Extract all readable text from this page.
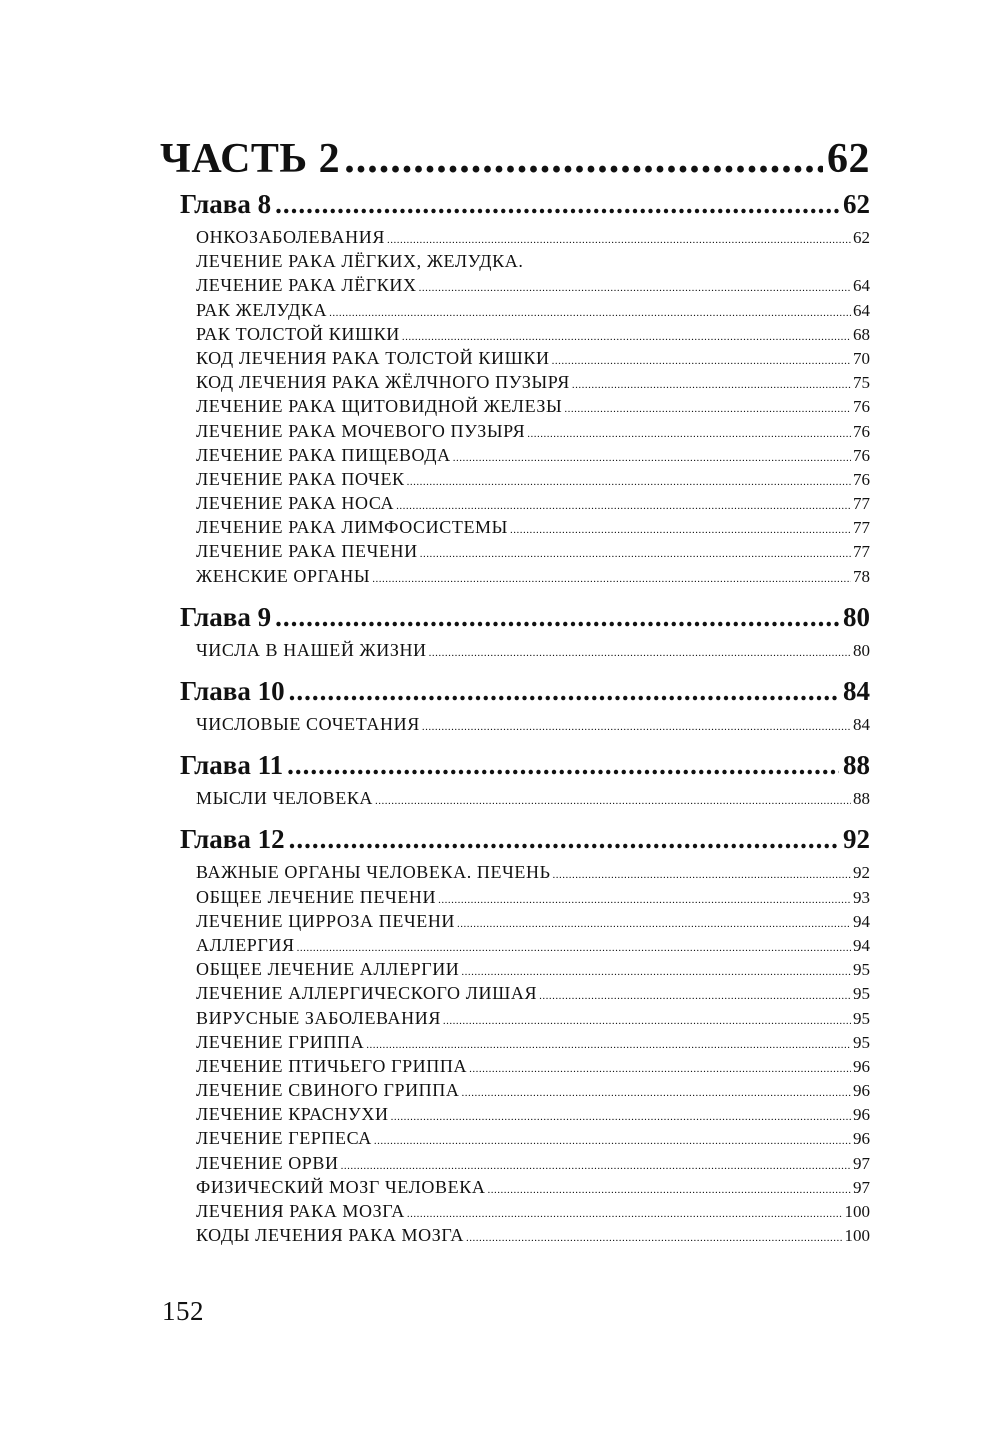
ЧАСТЬ 2 .....	62
Глава 8 .....	62
ОНКОЗАБОЛЕВАНИЯ .....	62
ЛЕЧЕНИЕ РАКА ЛЁГКИХ, ЖЕЛУДКА.
ЛЕЧЕНИЕ РАКА ЛЁГКИХ .....	64
РАК ЖЕЛУДКА .....	64
РАК ТОЛСТОЙ КИШКИ .....	68
КОД ЛЕЧЕНИЯ РАКА ТОЛСТОЙ КИШКИ .....	70
КОД ЛЕЧЕНИЯ РАКА ЖЁЛЧНОГО ПУЗЫРЯ .....	75
ЛЕЧЕНИЕ РАКА ЩИТОВИДНОЙ ЖЕЛЕЗЫ .....	76
ЛЕЧЕНИЕ РАКА МОЧЕВОГО ПУЗЫРЯ .....	76
ЛЕЧЕНИЕ РАКА ПИЩЕВОДА .....	76
ЛЕЧЕНИЕ РАКА ПОЧЕК .....	76
ЛЕЧЕНИЕ РАКА НОСА .....	77
ЛЕЧЕНИЕ РАКА ЛИМФОСИСТЕМЫ .....	77
ЛЕЧЕНИЕ РАКА ПЕЧЕНИ .....	77
ЖЕНСКИЕ ОРГАНЫ .....	78
Глава 9 .....	80
ЧИСЛА В НАШЕЙ ЖИЗНИ .....	80
Глава 10 .....	84
ЧИСЛОВЫЕ СОЧЕТАНИЯ .....	84
Глава 11 .....	88
МЫСЛИ ЧЕЛОВЕКА .....	88
Глава 12 .....	92
ВАЖНЫЕ ОРГАНЫ ЧЕЛОВЕКА. ПЕЧЕНЬ .....	92
ОБЩЕЕ ЛЕЧЕНИЕ ПЕЧЕНИ .....	93
ЛЕЧЕНИЕ ЦИРРОЗА ПЕЧЕНИ .....	94
АЛЛЕРГИЯ .....	94
ОБЩЕЕ ЛЕЧЕНИЕ АЛЛЕРГИИ .....	95
ЛЕЧЕНИЕ АЛЛЕРГИЧЕСКОГО ЛИШАЯ .....	95
ВИРУСНЫЕ ЗАБОЛЕВАНИЯ .....	95
ЛЕЧЕНИЕ ГРИППА .....	95
ЛЕЧЕНИЕ ПТИЧЬЕГО ГРИППА .....	96
ЛЕЧЕНИЕ СВИНОГО ГРИППА .....	96
ЛЕЧЕНИЕ КРАСНУХИ .....	96
ЛЕЧЕНИЕ ГЕРПЕСА .....	96
ЛЕЧЕНИЕ ОРВИ .....	97
ФИЗИЧЕСКИЙ МОЗГ ЧЕЛОВЕКА .....	97
ЛЕЧЕНИЯ РАКА МОЗГА .....	100
КОДЫ ЛЕЧЕНИЯ РАКА МОЗГА .....	100
152
